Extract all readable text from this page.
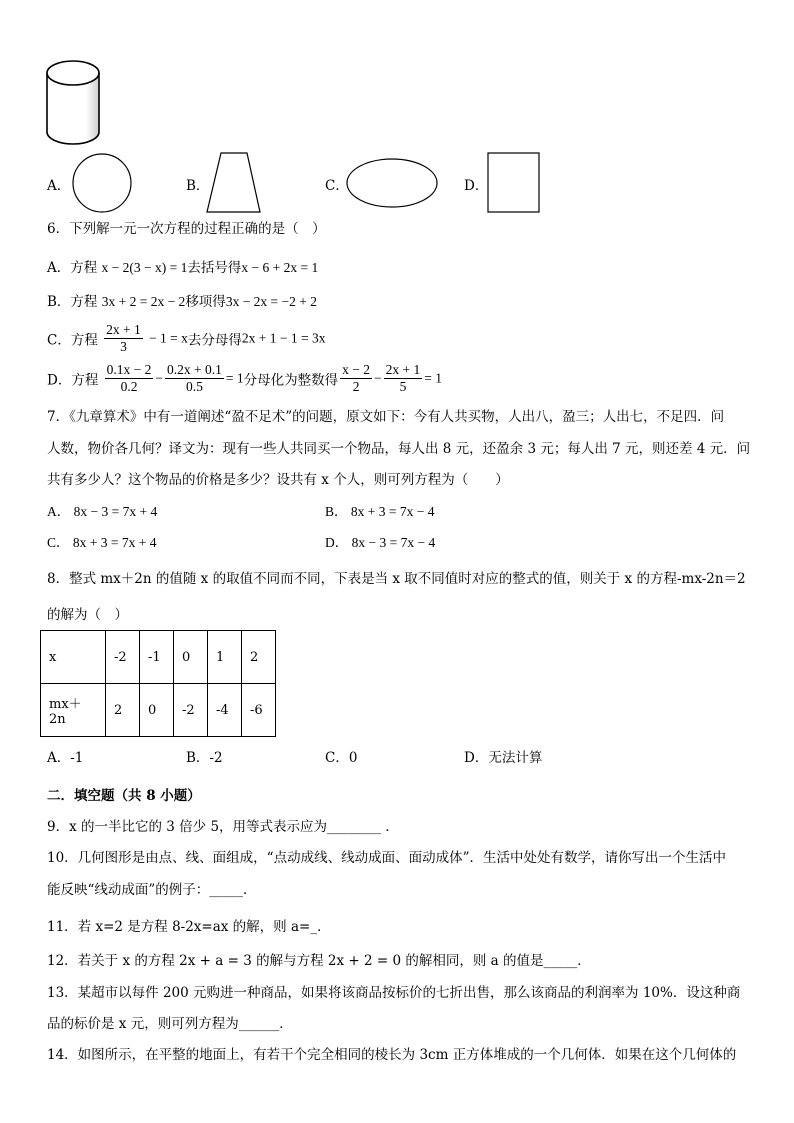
A．	B．	C．	D．
6．下列解一元一次方程的过程正确的是（　）
A．方程 x − 2(3 − x) = 1去括号得x − 6 + 2x = 1
B．方程 3x + 2 = 2x − 2移项得3x − 2x = −2 + 2
C．方程 $\frac{2x + 1}{3} - 1 = x$去分母得2x + 1 − 1 = 3x
D．方程 $\frac{0.1x - 2}{0.2} - \frac{0.2x + 0.1}{0.5} = 1$分母化为整数得 $\frac{x - 2}{2} - \frac{2x + 1}{5} = 1$
7．《九章算术》中有一道阐述“盈不足术”的问题，原文如下：今有人共买物，人出八，盈三；人出七，不足四．问
人数，物价各几何？译文为：现有一些人共同买一个物品，每人出 8 元，还盈余 3 元；每人出 7 元，则还差 4 元．问
共有多少人？这个物品的价格是多少？设共有 x 个人，则可列方程为（　　）
A． 8x − 3 = 7x + 4	B． 8x + 3 = 7x − 4
C． 8x + 3 = 7x + 4	D． 8x − 3 = 7x − 4
8．整式 mx＋2n 的值随 x 的取值不同而不同，下表是当 x 取不同值时对应的整式的值，则关于 x 的方程-mx-2n＝2
的解为（　）
x	-2	-1	0	1	2
mx＋2n	2	0	-2	-4	-6
A．-1	B．-2	C．0	D．无法计算
二．填空题（共 8 小题）
9．x 的一半比它的 3 倍少 5，用等式表示应为________ ．
10．几何图形是由点、线、面组成，“点动成线、线动成面、面动成体”．生活中处处有数学，请你写出一个生活中
能反映“线动成面”的例子：_____．
11．若 x=2 是方程 8-2x=ax 的解，则 a=_．
12．若关于 x 的方程 2x + a = 3 的解与方程 2x + 2 = 0 的解相同，则 a 的值是_____．
13．某超市以每件 200 元购进一种商品，如果将该商品按标价的七折出售，那么该商品的利润率为 10%．设这种商
品的标价是 x 元，则可列方程为______．
14．如图所示，在平整的地面上，有若干个完全相同的棱长为 3cm 正方体堆成的一个几何体．如果在这个几何体的
